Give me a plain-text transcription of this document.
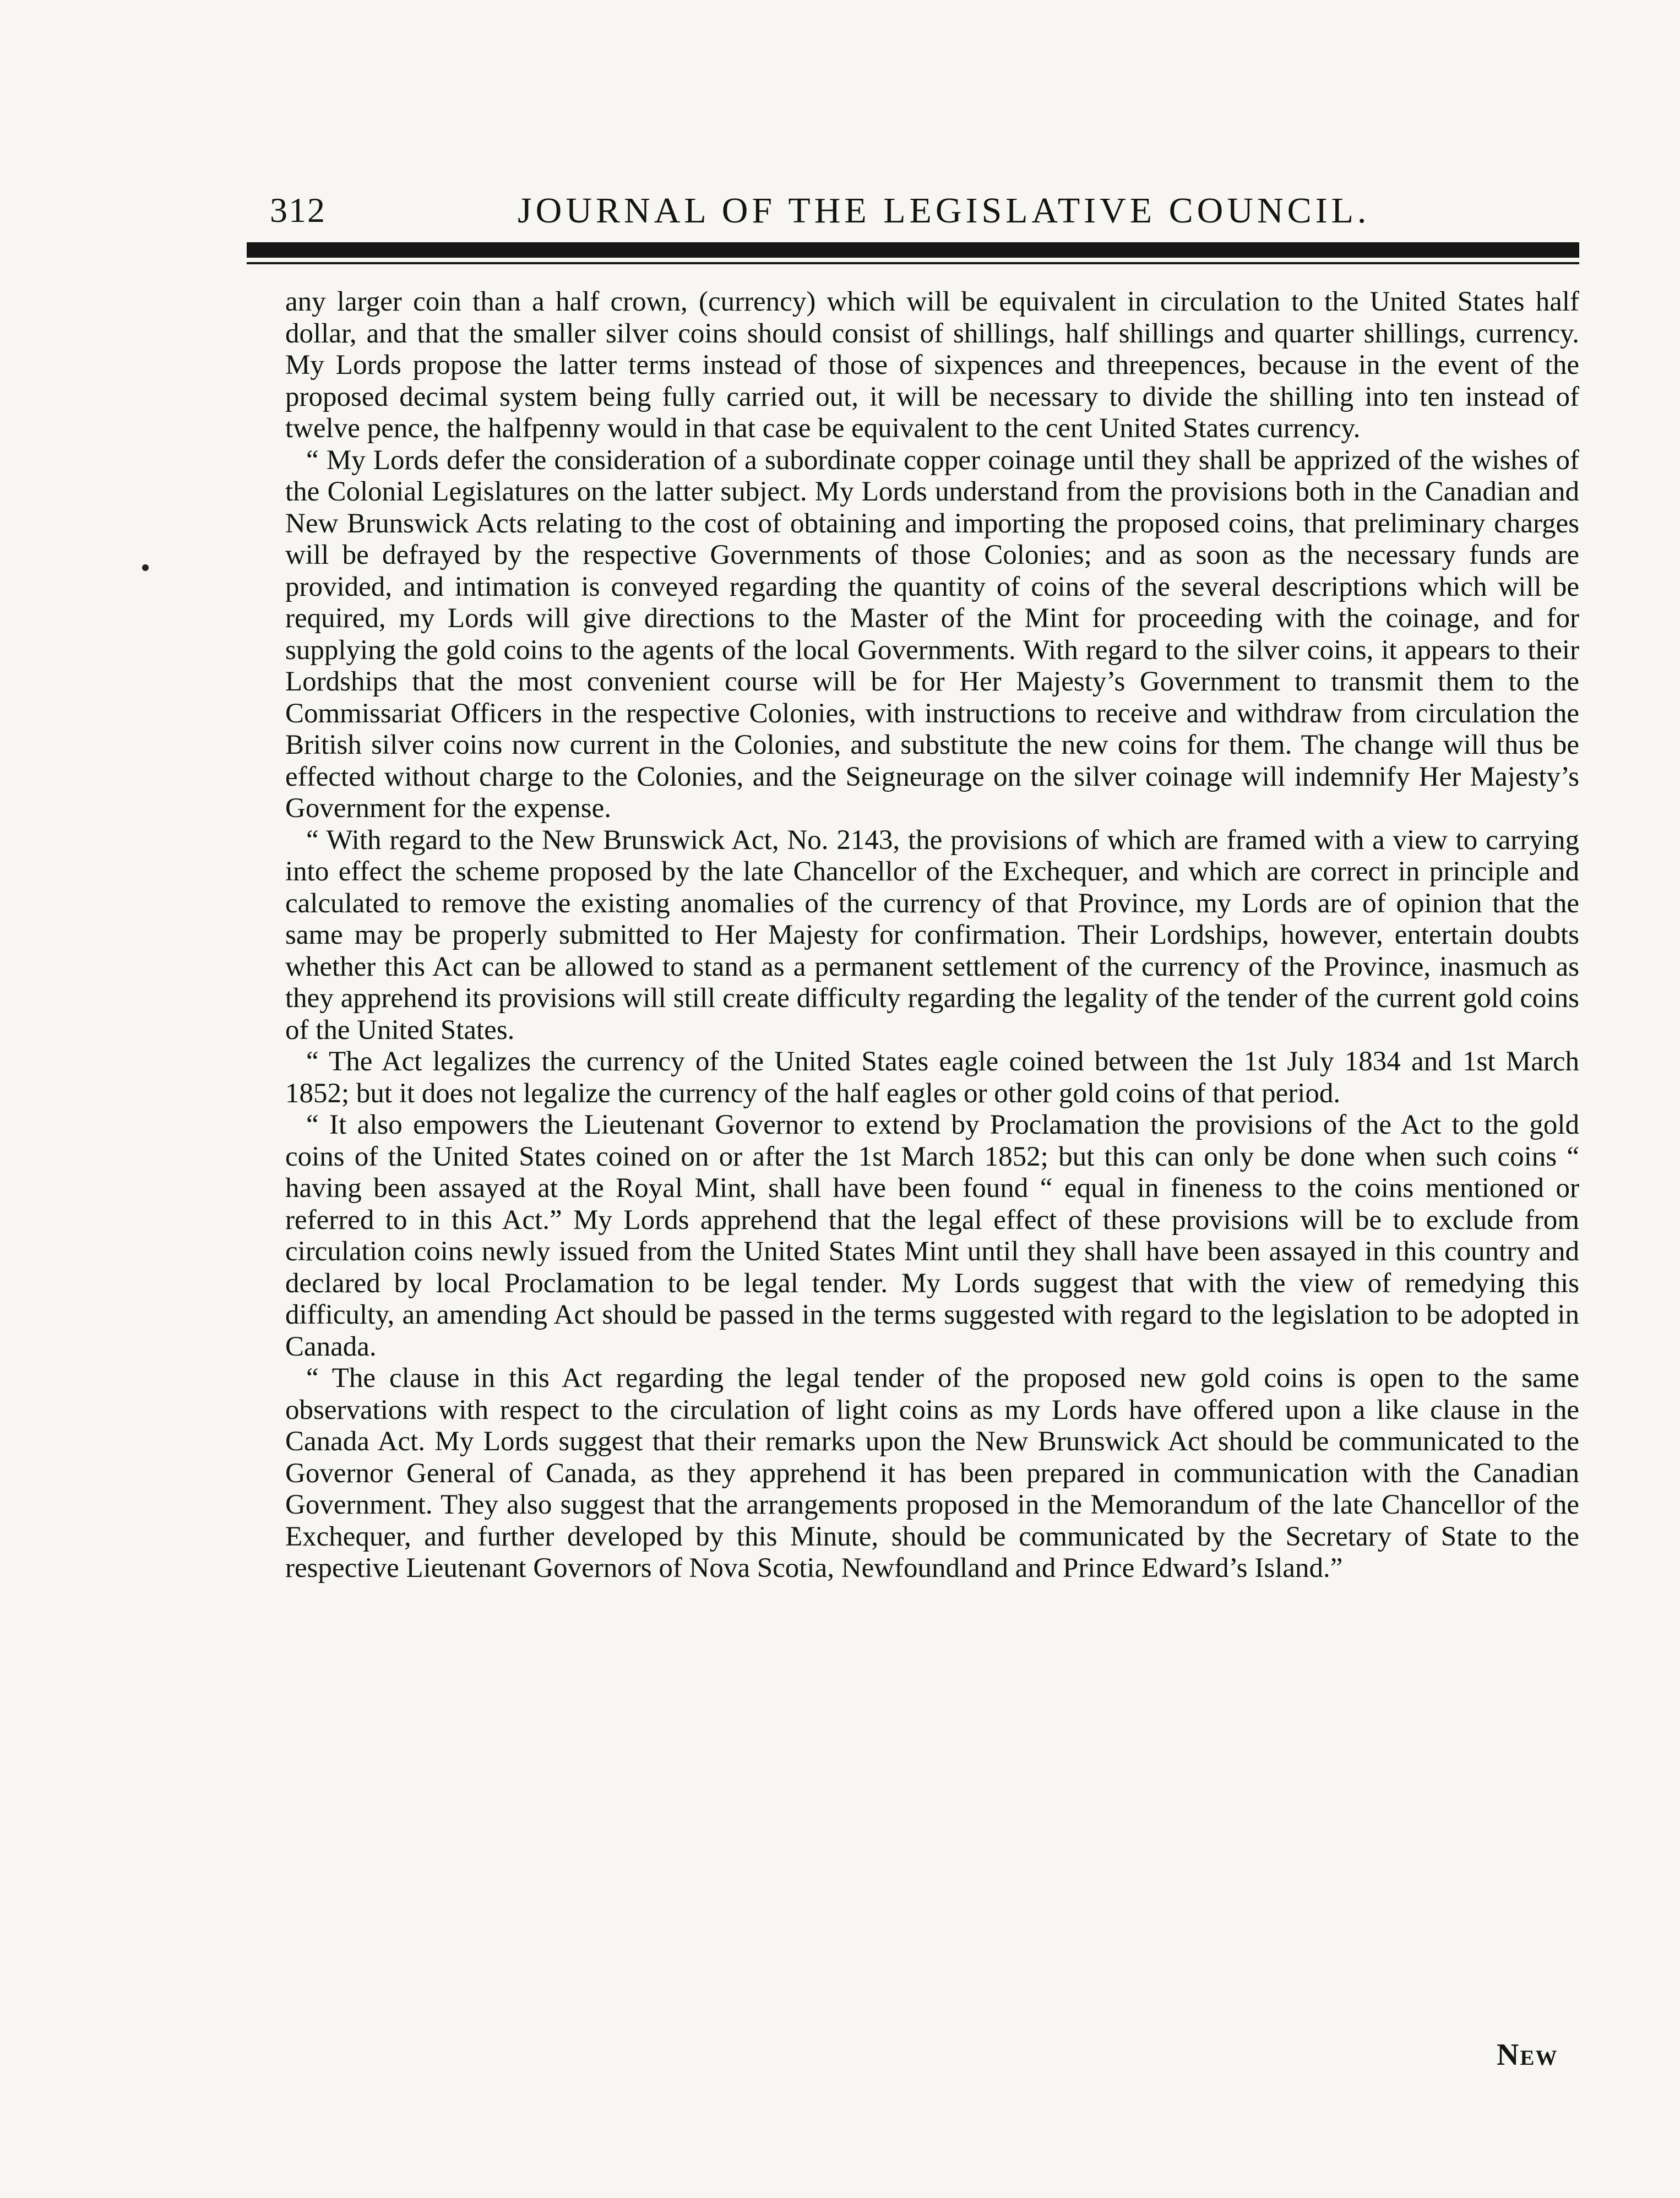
312	JOURNAL OF THE LEGISLATIVE COUNCIL.

any larger coin than a half crown, (currency) which will be equivalent in circulation to the United States half dollar, and that the smaller silver coins should consist of shillings, half shillings and quarter shillings, currency. My Lords propose the latter terms instead of those of sixpences and threepences, because in the event of the proposed decimal system being fully carried out, it will be necessary to divide the shilling into ten instead of twelve pence, the halfpenny would in that case be equivalent to the cent United States currency.

“ My Lords defer the consideration of a subordinate copper coinage until they shall be apprized of the wishes of the Colonial Legislatures on the latter subject. My Lords understand from the provisions both in the Canadian and New Brunswick Acts relating to the cost of obtaining and importing the proposed coins, that preliminary charges will be defrayed by the respective Governments of those Colonies; and as soon as the necessary funds are provided, and intimation is conveyed regarding the quantity of coins of the several descriptions which will be required, my Lords will give directions to the Master of the Mint for proceeding with the coinage, and for supplying the gold coins to the agents of the local Governments. With regard to the silver coins, it appears to their Lordships that the most convenient course will be for Her Majesty’s Government to transmit them to the Commissariat Officers in the respective Colonies, with instructions to receive and withdraw from circulation the British silver coins now current in the Colonies, and substitute the new coins for them. The change will thus be effected without charge to the Colonies, and the Seigneurage on the silver coinage will indemnify Her Majesty’s Government for the expense.

“ With regard to the New Brunswick Act, No. 2143, the provisions of which are framed with a view to carrying into effect the scheme proposed by the late Chancellor of the Exchequer, and which are correct in principle and calculated to remove the existing anomalies of the currency of that Province, my Lords are of opinion that the same may be properly submitted to Her Majesty for confirmation. Their Lordships, however, entertain doubts whether this Act can be allowed to stand as a permanent settlement of the currency of the Province, inasmuch as they apprehend its provisions will still create difficulty regarding the legality of the tender of the current gold coins of the United States.

“ The Act legalizes the currency of the United States eagle coined between the 1st July 1834 and 1st March 1852; but it does not legalize the currency of the half eagles or other gold coins of that period.

“ It also empowers the Lieutenant Governor to extend by Proclamation the provisions of the Act to the gold coins of the United States coined on or after the 1st March 1852; but this can only be done when such coins “ having been assayed at the Royal Mint, shall have been found “ equal in fineness to the coins mentioned or referred to in this Act.” My Lords apprehend that the legal effect of these provisions will be to exclude from circulation coins newly issued from the United States Mint until they shall have been assayed in this country and declared by local Proclamation to be legal tender. My Lords suggest that with the view of remedying this difficulty, an amending Act should be passed in the terms suggested with regard to the legislation to be adopted in Canada.

“ The clause in this Act regarding the legal tender of the proposed new gold coins is open to the same observations with respect to the circulation of light coins as my Lords have offered upon a like clause in the Canada Act. My Lords suggest that their remarks upon the New Brunswick Act should be communicated to the Governor General of Canada, as they apprehend it has been prepared in communication with the Canadian Government. They also suggest that the arrangements proposed in the Memorandum of the late Chancellor of the Exchequer, and further developed by this Minute, should be communicated by the Secretary of State to the respective Lieutenant Governors of Nova Scotia, Newfoundland and Prince Edward’s Island.”

New
